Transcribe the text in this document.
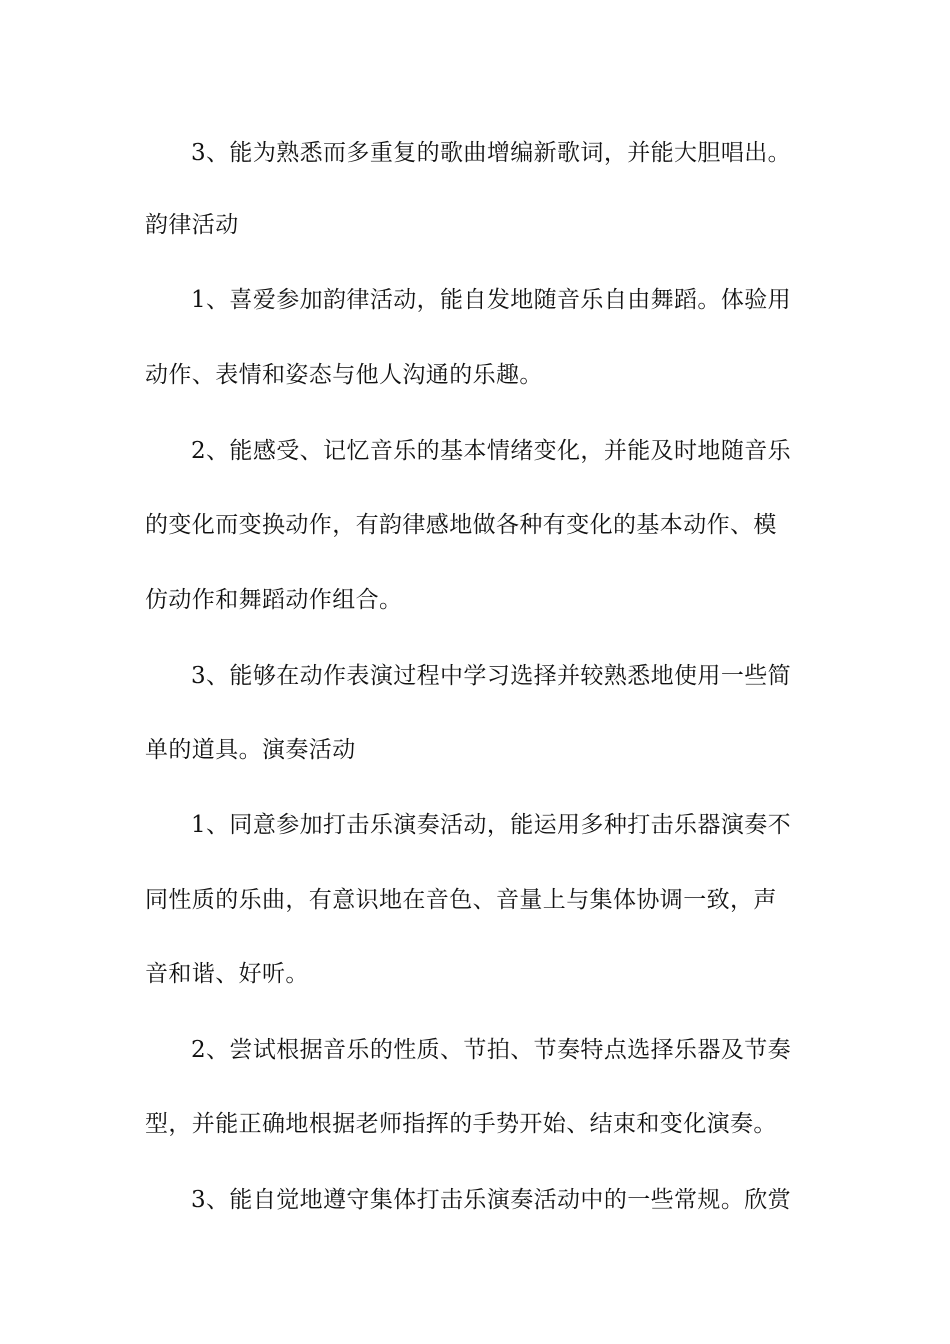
3、能为熟悉而多重复的歌曲增编新歌词，并能大胆唱出。
韵律活动
1、喜爱参加韵律活动，能自发地随音乐自由舞蹈。体验用
动作、表情和姿态与他人沟通的乐趣。
2、能感受、记忆音乐的基本情绪变化，并能及时地随音乐
的变化而变换动作，有韵律感地做各种有变化的基本动作、模
仿动作和舞蹈动作组合。
3、能够在动作表演过程中学习选择并较熟悉地使用一些简
单的道具。演奏活动
1、同意参加打击乐演奏活动，能运用多种打击乐器演奏不
同性质的乐曲，有意识地在音色、音量上与集体协调一致，声
音和谐、好听。
2、尝试根据音乐的性质、节拍、节奏特点选择乐器及节奏
型，并能正确地根据老师指挥的手势开始、结束和变化演奏。
3、能自觉地遵守集体打击乐演奏活动中的一些常规。欣赏
